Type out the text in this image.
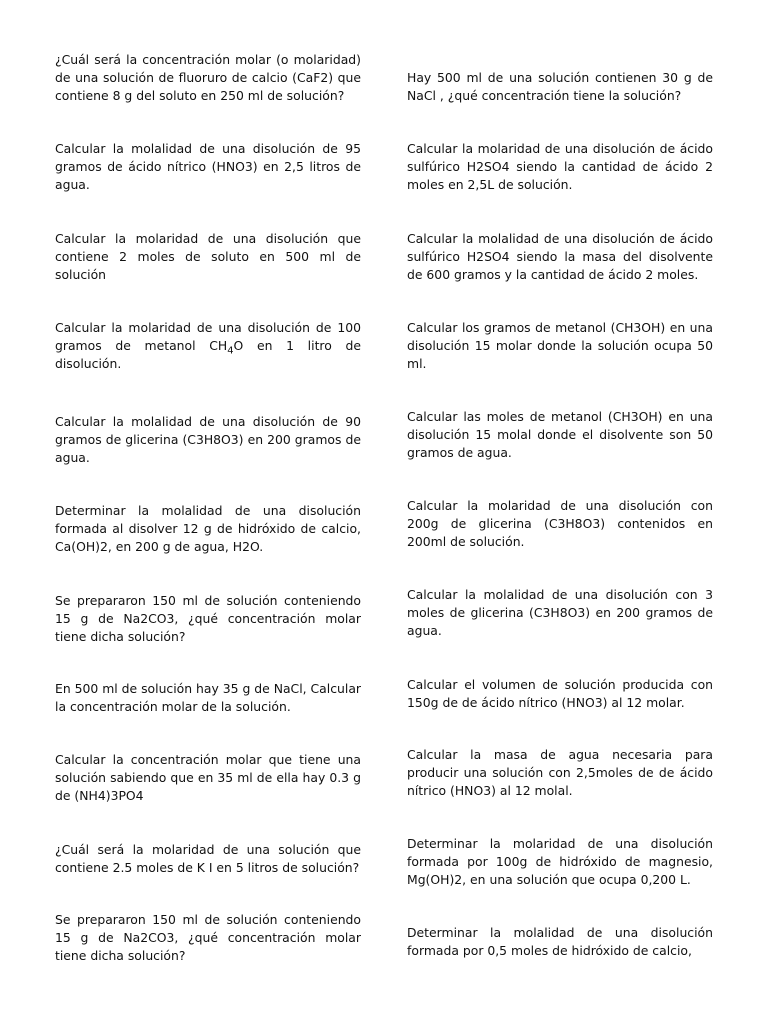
¿Cuál será la concentración molar (o molaridad) de una solución de fluoruro de calcio (CaF2) que contiene 8 g del soluto en 250 ml de solución?

Calcular la molalidad de una disolución de 95 gramos de ácido nítrico (HNO3) en 2,5 litros de agua.

Calcular la molaridad de una disolución que contiene 2 moles de soluto en 500 ml de solución

Calcular la molaridad de una disolución de 100 gramos de metanol $CH_4O$ en 1 litro de disolución.

Calcular la molalidad de una disolución de 90 gramos de glicerina (C3H8O3) en 200 gramos de agua.

Determinar la molalidad de una disolución formada al disolver 12 g de hidróxido de calcio, Ca(OH)2, en 200 g de agua, H2O.

Se prepararon 150 ml de solución conteniendo 15 g de Na2CO3, ¿qué concentración molar tiene dicha solución?

En 500 ml de solución hay 35 g de NaCl, Calcular la concentración molar de la solución.

Calcular la concentración molar que tiene una solución sabiendo que en 35 ml de ella hay 0.3 g de (NH4)3PO4

¿Cuál será la molaridad de una solución que contiene 2.5 moles de K I en 5 litros de solución?

Se prepararon 150 ml de solución conteniendo 15 g de Na2CO3, ¿qué concentración molar tiene dicha solución?

Hay 500 ml de una solución contienen 30 g de NaCl , ¿qué concentración tiene la solución?

Calcular la molaridad de una disolución de ácido sulfúrico H2SO4 siendo la cantidad de ácido 2 moles en 2,5L de solución.

Calcular la molalidad de una disolución de ácido sulfúrico H2SO4 siendo la masa del disolvente de 600 gramos y la cantidad de ácido 2 moles.

Calcular los gramos de metanol (CH3OH) en una disolución 15 molar donde la solución ocupa 50 ml.

Calcular las moles de metanol (CH3OH) en una disolución 15 molal donde el disolvente son 50 gramos de agua.

Calcular la molaridad de una disolución con 200g de glicerina (C3H8O3) contenidos en 200ml de solución.

Calcular la molalidad de una disolución con 3 moles de glicerina (C3H8O3) en 200 gramos de agua.

Calcular el volumen de solución producida con 150g de de ácido nítrico (HNO3) al 12 molar.

Calcular la masa de agua necesaria para producir una solución con 2,5moles de de ácido nítrico (HNO3) al 12 molal.

Determinar la molaridad de una disolución formada por 100g de hidróxido de magnesio, Mg(OH)2, en una solución que ocupa 0,200 L.

Determinar la molalidad de una disolución formada por 0,5 moles de hidróxido de calcio,
